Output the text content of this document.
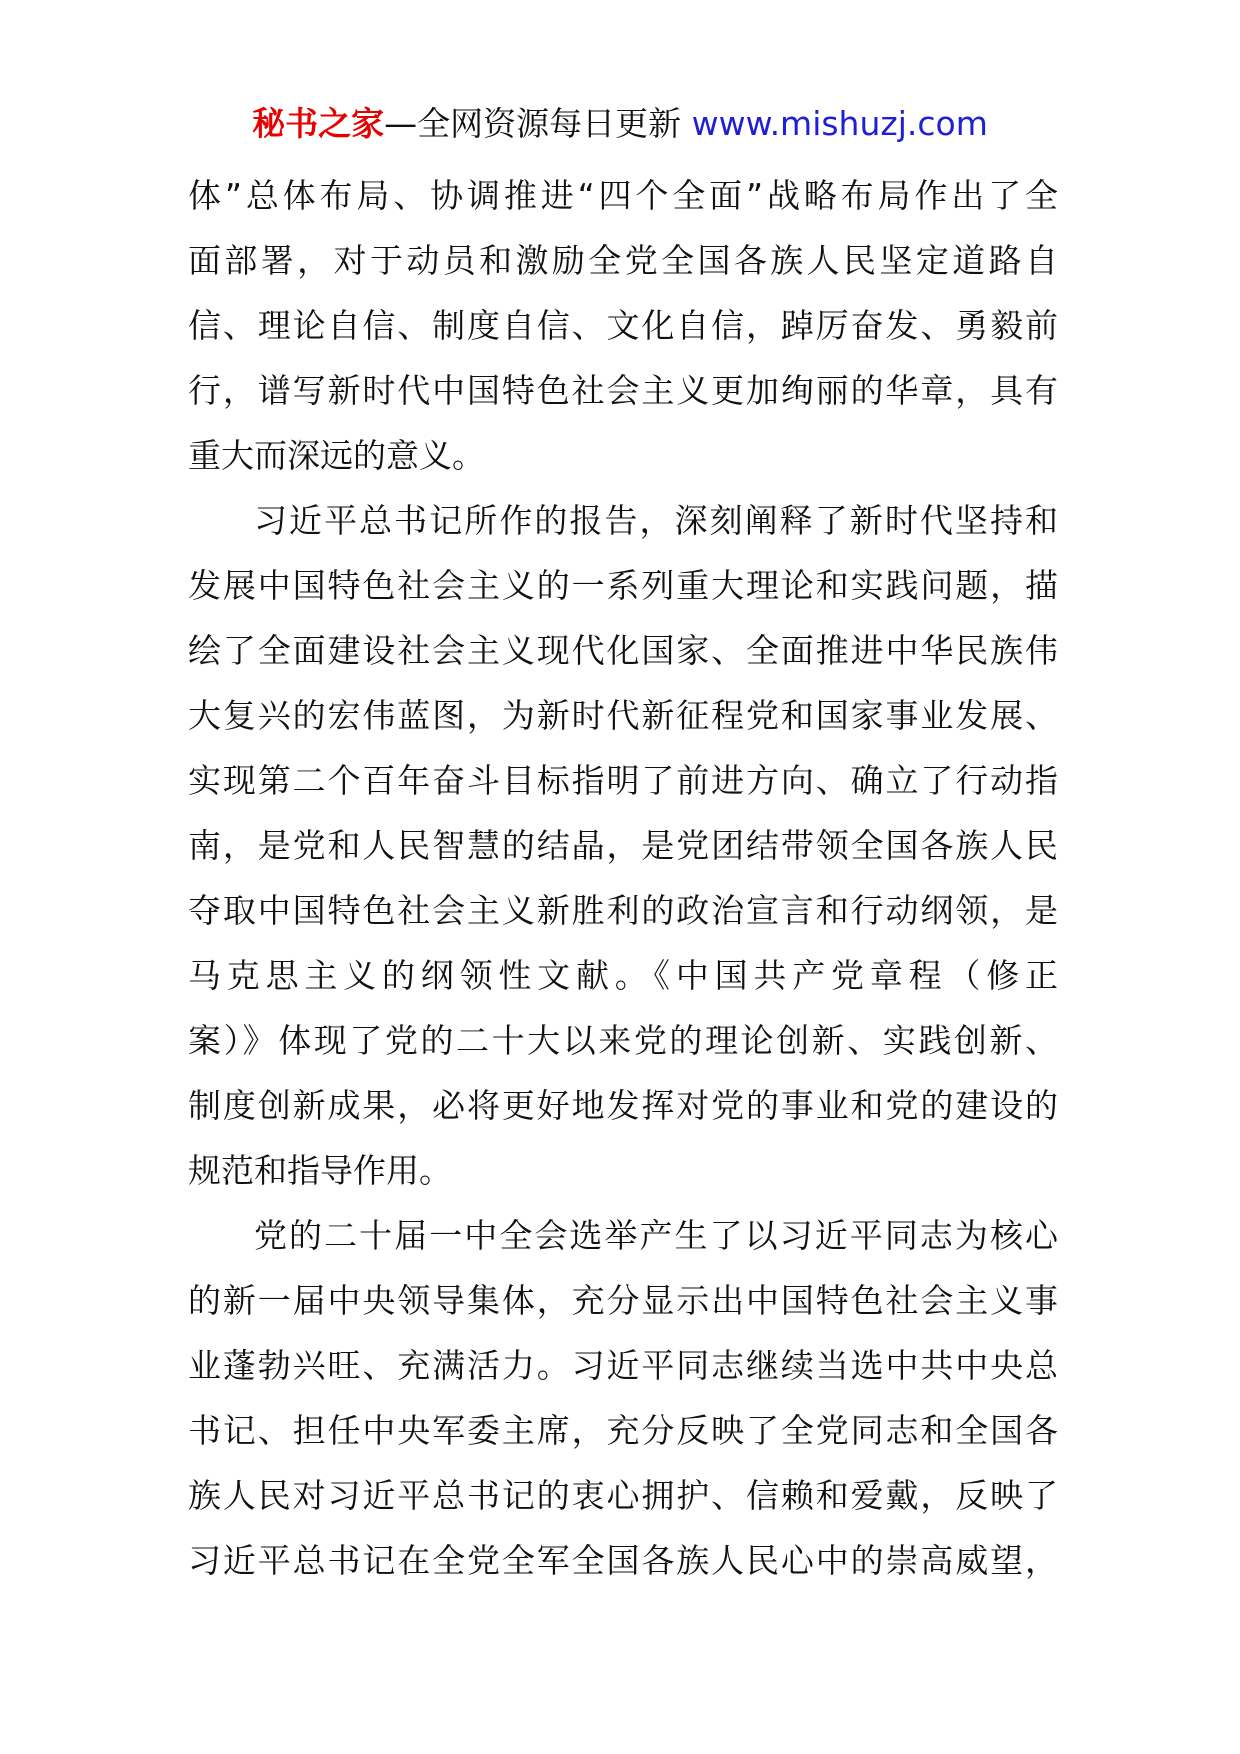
秘书之家—全网资源每日更新 www.mishuzj.com
体”总体布局、协调推进“四个全面”战略布局作出了全
面部署，对于动员和激励全党全国各族人民坚定道路自
信、理论自信、制度自信、文化自信，踔厉奋发、勇毅前
行，谱写新时代中国特色社会主义更加绚丽的华章，具有
重大而深远的意义。
习近平总书记所作的报告，深刻阐释了新时代坚持和
发展中国特色社会主义的一系列重大理论和实践问题，描
绘了全面建设社会主义现代化国家、全面推进中华民族伟
大复兴的宏伟蓝图，为新时代新征程党和国家事业发展、
实现第二个百年奋斗目标指明了前进方向、确立了行动指
南，是党和人民智慧的结晶，是党团结带领全国各族人民
夺取中国特色社会主义新胜利的政治宣言和行动纲领，是
马克思主义的纲领性文献。《中国共产党章程（修正
案）》体现了党的二十大以来党的理论创新、实践创新、
制度创新成果，必将更好地发挥对党的事业和党的建设的
规范和指导作用。
党的二十届一中全会选举产生了以习近平同志为核心
的新一届中央领导集体，充分显示出中国特色社会主义事
业蓬勃兴旺、充满活力。习近平同志继续当选中共中央总
书记、担任中央军委主席，充分反映了全党同志和全国各
族人民对习近平总书记的衷心拥护、信赖和爱戴，反映了
习近平总书记在全党全军全国各族人民心中的崇高威望，
